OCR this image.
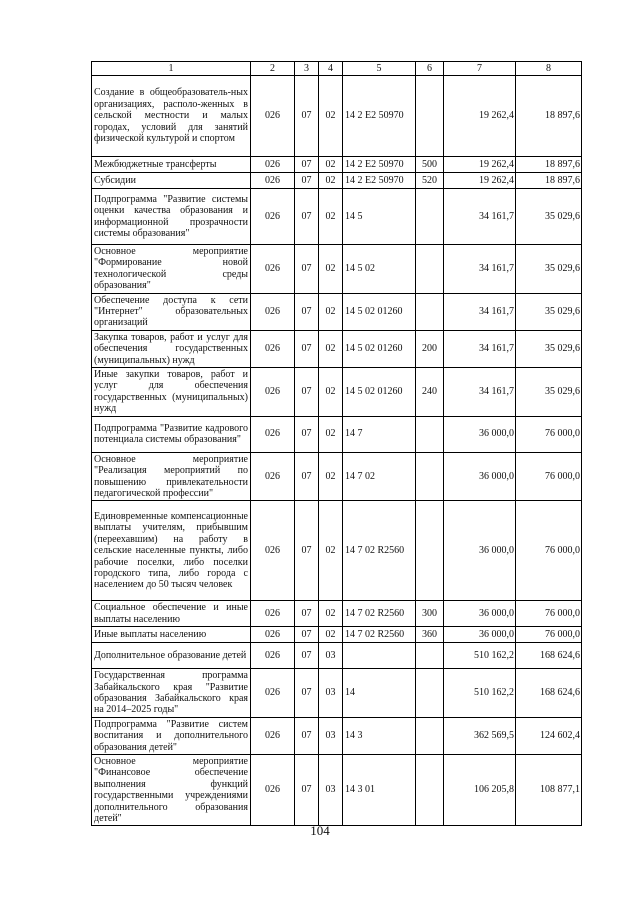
1	2	3	4	5	6	7	8
Создание в общеобразователь-ных организациях, располо-женных в сельской местности и малых городах, условий для занятий физической культурой и спортом	026	07	02	14 2 Е2 50970		19 262,4	18 897,6
Межбюджетные трансферты	026	07	02	14 2 Е2 50970	500	19 262,4	18 897,6
Субсидии	026	07	02	14 2 Е2 50970	520	19 262,4	18 897,6
Подпрограмма "Развитие системы оценки качества образования и информационной прозрачности системы образования"	026	07	02	14 5		34 161,7	35 029,6
Основное мероприятие "Формирование новой технологической среды образования"	026	07	02	14 5 02		34 161,7	35 029,6
Обеспечение доступа к сети "Интернет" образовательных организаций	026	07	02	14 5 02 01260		34 161,7	35 029,6
Закупка товаров, работ и услуг для обеспечения государственных (муниципальных) нужд	026	07	02	14 5 02 01260	200	34 161,7	35 029,6
Иные закупки товаров, работ и услуг для обеспечения государственных (муниципальных) нужд	026	07	02	14 5 02 01260	240	34 161,7	35 029,6
Подпрограмма "Развитие кадрового потенциала системы образования"	026	07	02	14 7		36 000,0	76 000,0
Основное мероприятие "Реализация мероприятий по повышению привлекательности педагогической профессии"	026	07	02	14 7 02		36 000,0	76 000,0
Единовременные компенсационные выплаты учителям, прибывшим (переехавшим) на работу в сельские населенные пункты, либо рабочие поселки, либо поселки городского типа, либо города с населением до 50 тысяч человек	026	07	02	14 7 02 R2560		36 000,0	76 000,0
Социальное обеспечение и иные выплаты населению	026	07	02	14 7 02 R2560	300	36 000,0	76 000,0
Иные выплаты населению	026	07	02	14 7 02 R2560	360	36 000,0	76 000,0
Дополнительное образование детей	026	07	03			510 162,2	168 624,6
Государственная программа Забайкальского края "Развитие образования Забайкальского края на 2014–2025 годы"	026	07	03	14		510 162,2	168 624,6
Подпрограмма "Развитие систем воспитания и дополнительного образования детей"	026	07	03	14 3		362 569,5	124 602,4
Основное мероприятие "Финансовое обеспечение выполнения функций государственными учреждениями дополнительного образования детей"	026	07	03	14 3 01		106 205,8	108 877,1
104
